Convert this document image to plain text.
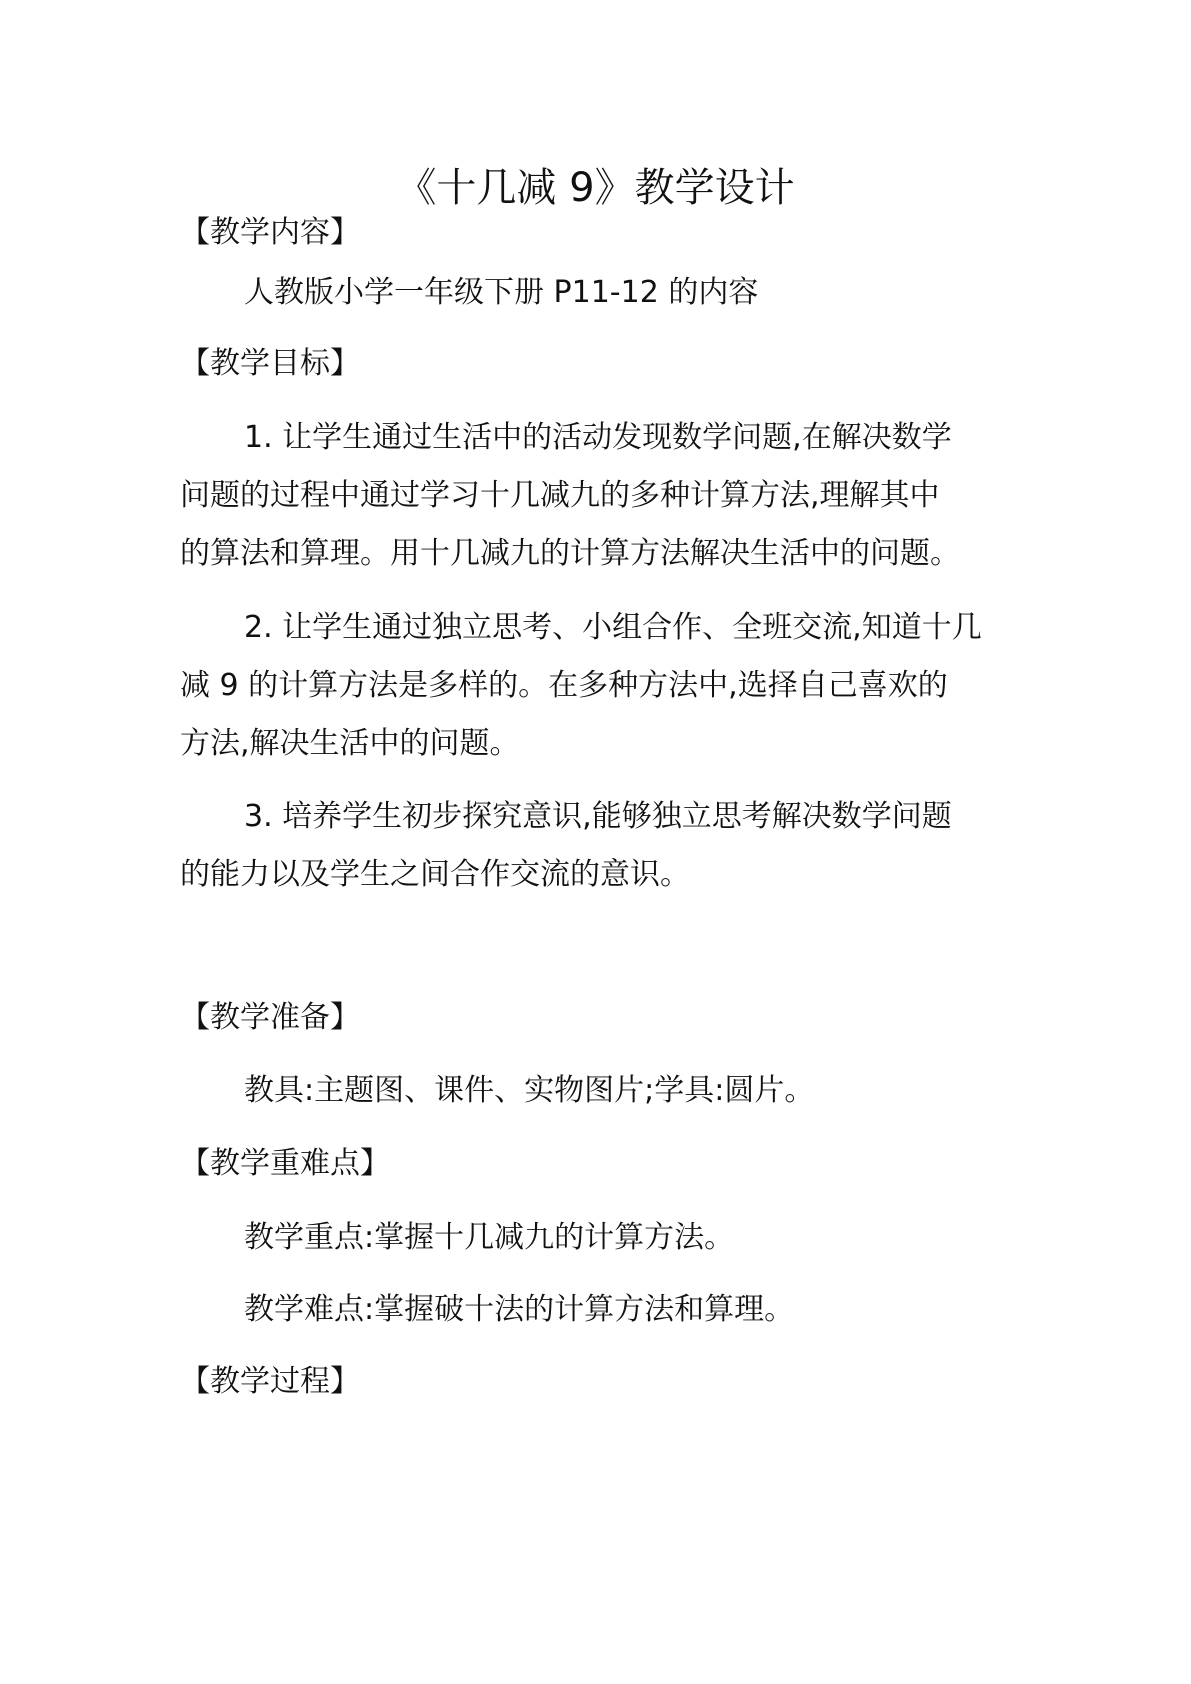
《十几减 9》教学设计

【教学内容】

人教版小学一年级下册 P11-12 的内容

【教学目标】

1. 让学生通过生活中的活动发现数学问题,在解决数学

问题的过程中通过学习十几减九的多种计算方法,理解其中

的算法和算理。用十几减九的计算方法解决生活中的问题。

2. 让学生通过独立思考、小组合作、全班交流,知道十几

减 9 的计算方法是多样的。在多种方法中,选择自己喜欢的

方法,解决生活中的问题。

3. 培养学生初步探究意识,能够独立思考解决数学问题

的能力以及学生之间合作交流的意识。

【教学准备】

教具:主题图、课件、实物图片;学具:圆片。

【教学重难点】

教学重点:掌握十几减九的计算方法。

教学难点:掌握破十法的计算方法和算理。

【教学过程】
